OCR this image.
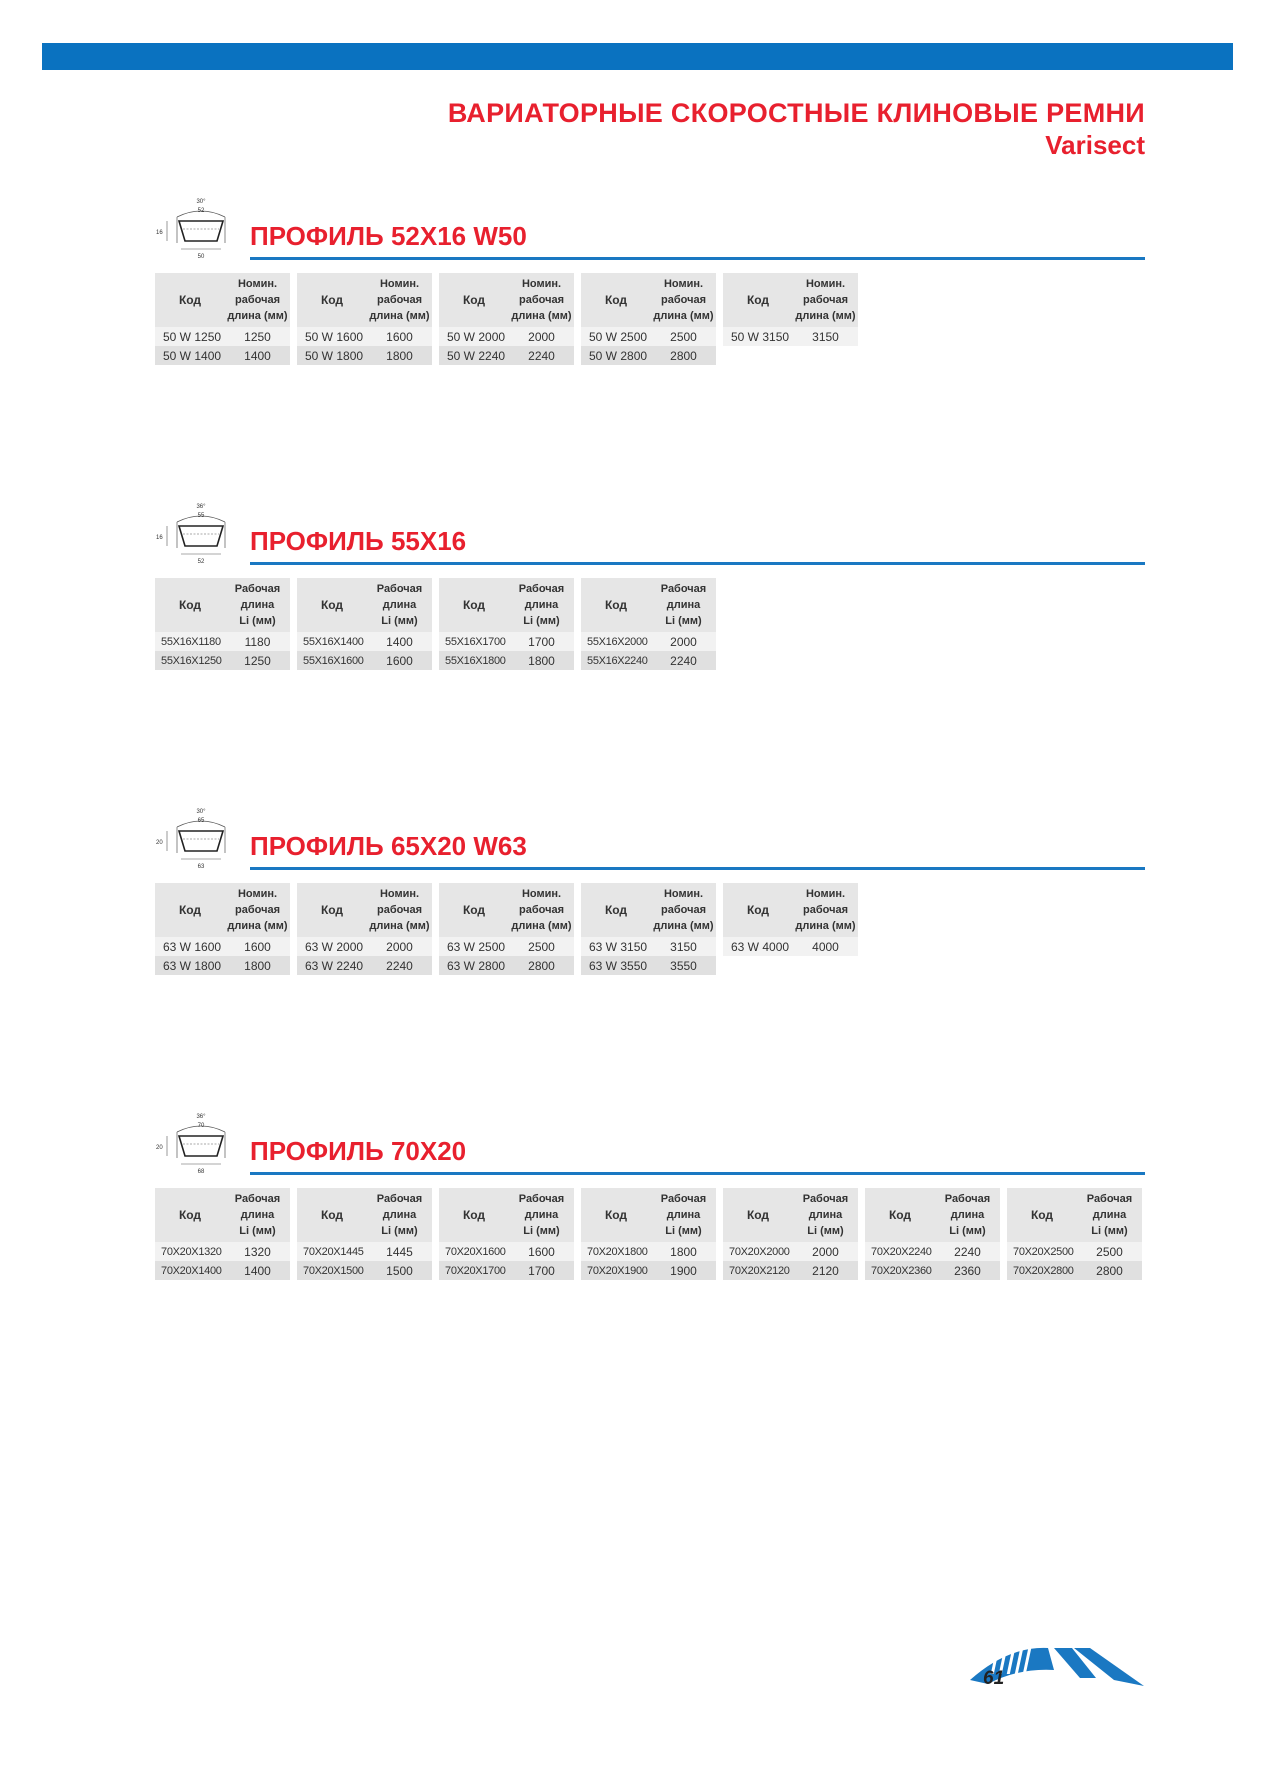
ВАРИАТОРНЫЕ СКОРОСТНЫЕ КЛИНОВЫЕ РЕМНИ
Varisect
30°
52
16
50
ПРОФИЛЬ 52X16 W50
Код
Номин.
рабочая
длина (мм)
50 W 1250	1250
50 W 1400	1400
Код
Номин.
рабочая
длина (мм)
50 W 1600	1600
50 W 1800	1800
Код
Номин.
рабочая
длина (мм)
50 W 2000	2000
50 W 2240	2240
Код
Номин.
рабочая
длина (мм)
50 W 2500	2500
50 W 2800	2800
Код
Номин.
рабочая
длина (мм)
50 W 3150	3150
36°
55
16
52
ПРОФИЛЬ 55X16
Код
Рабочая
длина
Li (мм)
55X16X1180	1180
55X16X1250	1250
Код
Рабочая
длина
Li (мм)
55X16X1400	1400
55X16X1600	1600
Код
Рабочая
длина
Li (мм)
55X16X1700	1700
55X16X1800	1800
Код
Рабочая
длина
Li (мм)
55X16X2000	2000
55X16X2240	2240
30°
65
20
63
ПРОФИЛЬ 65X20 W63
Код
Номин.
рабочая
длина (мм)
63 W 1600	1600
63 W 1800	1800
Код
Номин.
рабочая
длина (мм)
63 W 2000	2000
63 W 2240	2240
Код
Номин.
рабочая
длина (мм)
63 W 2500	2500
63 W 2800	2800
Код
Номин.
рабочая
длина (мм)
63 W 3150	3150
63 W 3550	3550
Код
Номин.
рабочая
длина (мм)
63 W 4000	4000
36°
70
20
68
ПРОФИЛЬ 70X20
Код
Рабочая
длина
Li (мм)
70X20X1320	1320
70X20X1400	1400
Код
Рабочая
длина
Li (мм)
70X20X1445	1445
70X20X1500	1500
Код
Рабочая
длина
Li (мм)
70X20X1600	1600
70X20X1700	1700
Код
Рабочая
длина
Li (мм)
70X20X1800	1800
70X20X1900	1900
Код
Рабочая
длина
Li (мм)
70X20X2000	2000
70X20X2120	2120
Код
Рабочая
длина
Li (мм)
70X20X2240	2240
70X20X2360	2360
Код
Рабочая
длина
Li (мм)
70X20X2500	2500
70X20X2800	2800
61
